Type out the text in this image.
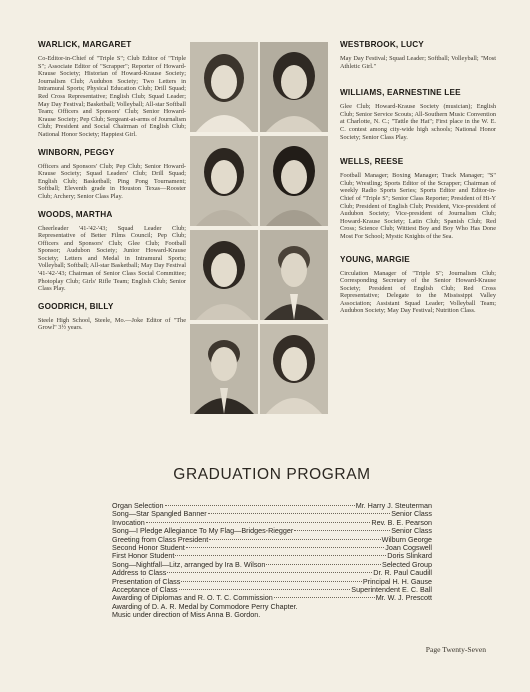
WARLICK, MARGARET

Co-Editor-in-Chief of "Triple S"; Club Editor of "Triple S"; Associate Editor of "Scrapper"; Reporter of Howard-Krause Society; Historian of Howard-Krause Society; Journalism Club; Audubon Society; Two Letters in Intramural Sports; Physical Education Club; Drill Squad; Red Cross Representative; English Club; Squad Leader; May Day Festival; Basketball; Volleyball; All-star Softball Team; Officers and Sponsors' Club; Senior Howard-Krause Society; Pep Club; Sergeant-at-arms of Journalism Club; President and Social Chairman of English Club; National Honor Society; Happiest Girl.

WINBORN, PEGGY

Officers and Sponsors' Club; Pep Club; Senior Howard-Krause Society; Squad Leaders' Club; Drill Squad; English Club; Basketball; Ping Pong Tournament; Softball; Eleventh grade in Houston Texas—Rooster Club; Archery; Senior Class Play.

WOODS, MARTHA

Cheerleader '41-'42-'43; Squad Leader Club; Representative of Better Films Council; Pep Club; Officers and Sponsors' Club; Glee Club; Football Sponsor; Audubon Society; Junior Howard-Krause Society; Letters and Medal in Intramural Sports; Volleyball; Softball; All-star Basketball; May Day Festival '41-'42-'43; Chairman of Senior Class Social Committee; Photoplay Club; Girls' Rifle Team; English Club; Senior Class Play.

GOODRICH, BILLY

Steele High School, Steele, Mo.—Joke Editor of "The Growl" 3½ years.

WESTBROOK, LUCY

May Day Festival; Squad Leader; Softball; Volleyball; "Most Athletic Girl."

WILLIAMS, EARNESTINE LEE

Glee Club; Howard-Krause Society (musician); English Club; Senior Service Scouts; All-Southern Music Convention at Charlotte, N. C.; "Tattle the Hat"; First place in the W. E. C. contest among city-wide high schools; National Honor Society; Senior Class Play.

WELLS, REESE

Football Manager; Boxing Manager; Track Manager; "S" Club; Wrestling; Sports Editor of the Scrapper; Chairman of weekly Radio Sports Series; Sports Editor and Editor-in-Chief of "Triple S"; Senior Class Reporter; President of Hi-Y Club; President of English Club; President, Vice-president of Audubon Society; Vice-president of Journalism Club; Howard-Krause Society; Latin Club; Spanish Club; Red Cross; Science Club; Wittiest Boy and Boy Who Has Done Most For School; Mystic Knights of the Sea.

YOUNG, MARGIE

Circulation Manager of "Triple S"; Journalism Club; Corresponding Secretary of the Senior Howard-Krause Society; President of English Club; Red Cross Representative; Delegate to the Mississippi Valley Association; Assistant Squad Leader; Volleyball Team; Audubon Society; May Day Festival; Nutrition Class.

GRADUATION PROGRAM
Organ Selection	Mr. Harry J. Steuterman
Song—Star Spangled Banner	Senior Class
Invocation	Rev. B. E. Pearson
Song—I Pledge Allegiance To My Flag—Bridges-Riegger	Senior Class
Greeting from Class President	Wilburn George
Second Honor Student	Joan Cogswell
First Honor Student	Doris Slinkard
Song—Nightfall—Litz, arranged by Ira B. Wilson	Selected Group
Address to Class	Dr. R. Paul Caudill
Presentation of Class	Principal H. H. Gause
Acceptance of Class	Superintendent E. C. Ball
Awarding of Diplomas and R. O. T. C. Commission	Mr. W. J. Prescott
Awarding of D. A. R. Medal by Commodore Perry Chapter.
Music under direction of Miss Anna B. Gordon.
Page Twenty-Seven
